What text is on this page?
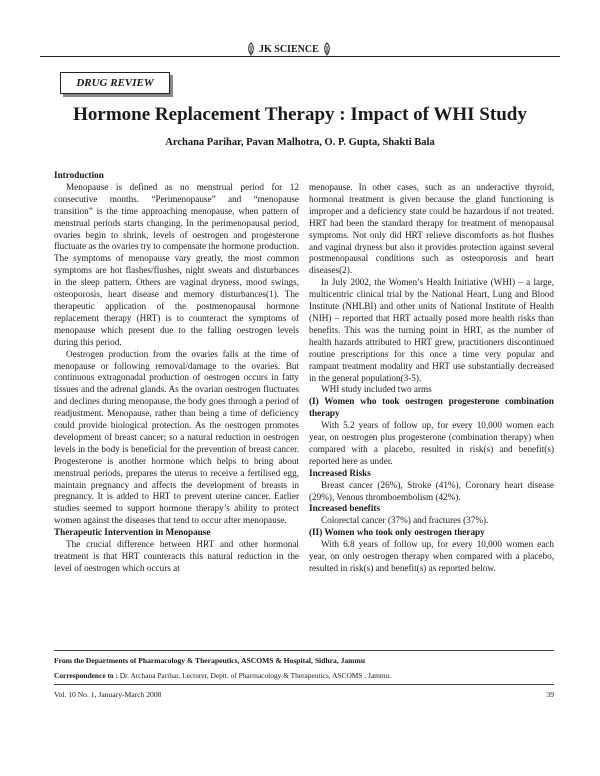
JK SCIENCE
DRUG REVIEW
Hormone Replacement Therapy : Impact of WHI Study
Archana Parihar, Pavan Malhotra, O. P. Gupta, Shakti Bala

Introduction

Menopause is defined as no menstrual period for 12 consecutive months. “Perimenopause” and “menopause transition” is the time approaching menopause, when pattern of menstrual periods starts changing. In the perimenopausal period, ovaries begin to shrink, levels of oestrogen and progesterone fluctuate as the ovaries try to compensate the hormone production. The symptoms of menopause vary greatly, the most common symptoms are hot flashes/flushes, night sweats and disturbances in the sleep pattern. Others are vaginal dryness, mood swings, osteoporosis, heart disease and memory disturbances(1). The therapeutic application of the postmenopausal hormone replacement therapy (HRT) is to counteract the symptoms of menopause which present due to the falling oestrogen levels during this period.

Oestrogen production from the ovaries falls at the time of menopause or following removal/damage to the ovaries. But continuous extragonadal production of oestrogen occurs in fatty tissues and the adrenal glands. As the ovarian oestrogen fluctuates and declines during menopause, the body goes through a period of readjustment. Menopause, rather than being a time of deficiency could provide biological protection. As the oestrogen promotes development of breast cancer; so a natural reduction in oestrogen levels in the body is beneficial for the prevention of breast cancer. Progesterone is another hormone which helps to bring about menstrual periods, prepares the uterus to receive a fertilised egg, maintain pregnancy and affects the development of breasts in pregnancy. It is added to HRT to prevent uterine cancer. Earlier studies seemed to support hormone therapy’s ability to protect women against the diseases that tend to occur after menopause.

Therapeutic Intervention in Menopause

The crucial difference between HRT and other hormonal treatment is that HRT counteracts this natural reduction in the level of oestrogen which occurs at

menopause. In other cases, such as an underactive thyroid, hormonal treatment is given because the gland functioning is improper and a deficiency state could be hazardous if not treated. HRT had been the standard therapy for treatment of menopausal symptoms. Not only did HRT relieve discomforts as hot flushes and vaginal dryness but also it provides protection against several postmenopausal conditions such as osteoporosis and heart diseases(2).

In July 2002, the Women’s Health Initiative (WHI) – a large, multicentric clinical trial by the National Heart, Lung and Blood Institute (NHLBI) and other units of National Institute of Health (NIH) – reported that HRT actually posed more health risks than benefits. This was the turning point in HRT, as the number of health hazards attributed to HRT grew, practitioners discontinued routine prescriptions for this once a time very popular and rampant treatment modality and HRT use substantially decreased in the general population(3-5).

WHI study included two arms

(I) Women who took oestrogen progesterone combination therapy

With 5.2 years of follow up, for every 10,000 women each year, on oestrogen plus progesterone (combination therapy) when compared with a placebo, resulted in risk(s) and benefit(s) reported here as under.

Increased Risks

Breast cancer (26%), Stroke (41%), Coronary heart disease (29%), Venous thromboembolism (42%).

Increased benefits

Colorectal cancer (37%) and fractures (37%).

(II) Women who took only oestrogen therapy

With 6.8 years of follow up, for every 10,000 women each year, on only oestrogen therapy when compared with a placebo, resulted in risk(s) and benefit(s) as reported below.

From the Departments of Pharmacology & Therapeutics, ASCOMS & Hospital, Sidhra, Jammu
Correspondence to : Dr. Archana Parihar, Lecturer, Deptt. of Pharmacology & Therapeutics, ASCOMS , Jammu.
Vol. 10 No. 1, January-March 2008	39
